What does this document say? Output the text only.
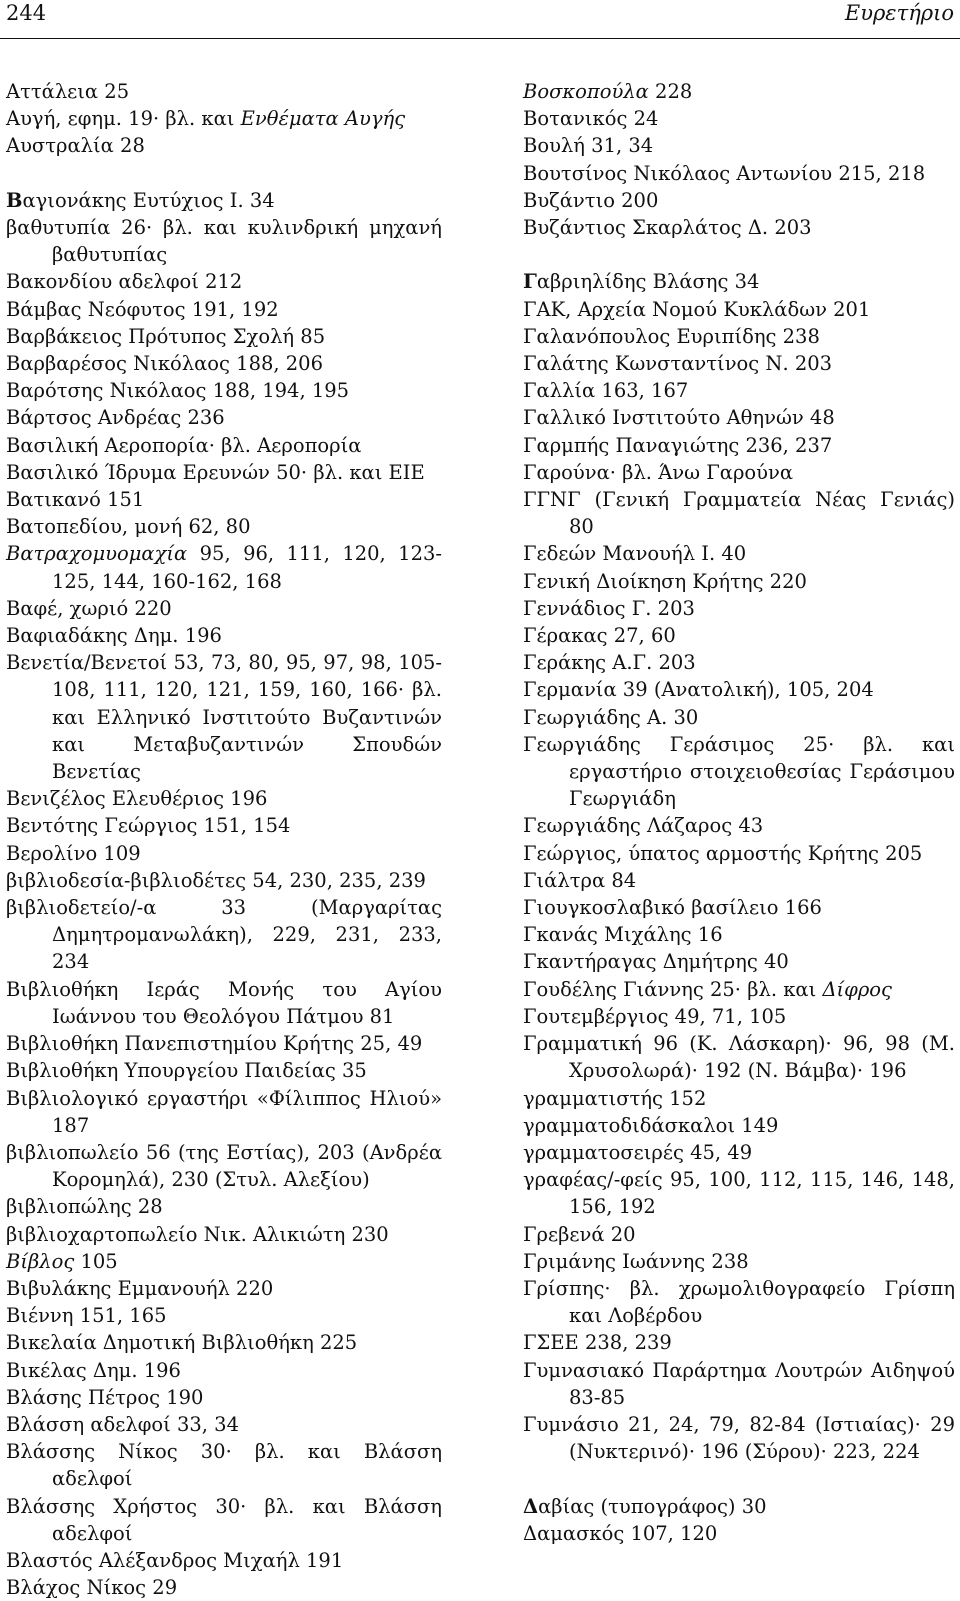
244	Ευρετήριο
Αττάλεια 25
Αυγή, εφημ. 19· βλ. και Ενθέματα Αυγής
Αυστραλία 28
Βαγιονάκης Ευτύχιος Ι. 34
βαθυτυπία 26· βλ. και κυλινδρική μηχανή βαθυτυπίας
Βακονδίου αδελφοί 212
Βάμβας Νεόφυτος 191, 192
Βαρβάκειος Πρότυπος Σχολή 85
Βαρβαρέσος Νικόλαος 188, 206
Βαρότσης Νικόλαος 188, 194, 195
Βάρτσος Ανδρέας 236
Βασιλική Αεροπορία· βλ. Αεροπορία
Βασιλικό Ίδρυμα Ερευνών 50· βλ. και ΕΙΕ
Βατικανό 151
Βατοπεδίου, μονή 62, 80
Βατραχομυομαχία 95, 96, 111, 120, 123-125, 144, 160-162, 168
Βαφέ, χωριό 220
Βαφιαδάκης Δημ. 196
Βενετία/Βενετοί 53, 73, 80, 95, 97, 98, 105-108, 111, 120, 121, 159, 160, 166· βλ. και Ελληνικό Ινστιτούτο Βυζαντινών και Μεταβυζαντινών Σπουδών Βενετίας
Βενιζέλος Ελευθέριος 196
Βεντότης Γεώργιος 151, 154
Βερολίνο 109
βιβλιοδεσία-βιβλιοδέτες 54, 230, 235, 239
βιβλιοδετείο/-α 33 (Μαργαρίτας Δημητρομανωλάκη), 229, 231, 233, 234
Βιβλιοθήκη Ιεράς Μονής του Αγίου Ιωάννου του Θεολόγου Πάτμου 81
Βιβλιοθήκη Πανεπιστημίου Κρήτης 25, 49
Βιβλιοθήκη Υπουργείου Παιδείας 35
Βιβλιολογικό εργαστήρι «Φίλιππος Ηλιού» 187
βιβλιοπωλείο 56 (της Εστίας), 203 (Ανδρέα Κορομηλά), 230 (Στυλ. Αλεξίου)
βιβλιοπώλης 28
βιβλιοχαρτοπωλείο Νικ. Αλικιώτη 230
Βίβλος 105
Βιβυλάκης Εμμανουήλ 220
Βιέννη 151, 165
Βικελαία Δημοτική Βιβλιοθήκη 225
Βικέλας Δημ. 196
Βλάσης Πέτρος 190
Βλάσση αδελφοί 33, 34
Βλάσσης Νίκος 30· βλ. και Βλάσση αδελφοί
Βλάσσης Χρήστος 30· βλ. και Βλάσση αδελφοί
Βλαστός Αλέξανδρος Μιχαήλ 191
Βλάχος Νίκος 29
Βοσκοπούλα 228
Βοτανικός 24
Βουλή 31, 34
Βουτσίνος Νικόλαος Αντωνίου 215, 218
Βυζάντιο 200
Βυζάντιος Σκαρλάτος Δ. 203
Γαβριηλίδης Βλάσης 34
ΓΑΚ, Αρχεία Νομού Κυκλάδων 201
Γαλανόπουλος Ευριπίδης 238
Γαλάτης Κωνσταντίνος Ν. 203
Γαλλία 163, 167
Γαλλικό Ινστιτούτο Αθηνών 48
Γαρμπής Παναγιώτης 236, 237
Γαρούνα· βλ. Άνω Γαρούνα
ΓΓΝΓ (Γενική Γραμματεία Νέας Γενιάς) 80
Γεδεών Μανουήλ Ι. 40
Γενική Διοίκηση Κρήτης 220
Γεννάδιος Γ. 203
Γέρακας 27, 60
Γεράκης Α.Γ. 203
Γερμανία 39 (Ανατολική), 105, 204
Γεωργιάδης Α. 30
Γεωργιάδης Γεράσιμος 25· βλ. και εργαστήριο στοιχειοθεσίας Γεράσιμου Γεωργιάδη
Γεωργιάδης Λάζαρος 43
Γεώργιος, ύπατος αρμοστής Κρήτης 205
Γιάλτρα 84
Γιουγκοσλαβικό βασίλειο 166
Γκανάς Μιχάλης 16
Γκαντήραγας Δημήτρης 40
Γουδέλης Γιάννης 25· βλ. και Δίφρος
Γουτεμβέργιος 49, 71, 105
Γραμματική 96 (Κ. Λάσκαρη)· 96, 98 (Μ. Χρυσολωρά)· 192 (Ν. Βάμβα)· 196
γραμματιστής 152
γραμματοδιδάσκαλοι 149
γραμματοσειρές 45, 49
γραφέας/-φείς 95, 100, 112, 115, 146, 148, 156, 192
Γρεβενά 20
Γριμάνης Ιωάννης 238
Γρίσπης· βλ. χρωμολιθογραφείο Γρίσπη και Λοβέρδου
ΓΣΕΕ 238, 239
Γυμνασιακό Παράρτημα Λουτρών Αιδηψού 83-85
Γυμνάσιο 21, 24, 79, 82-84 (Ιστιαίας)· 29 (Νυκτερινό)· 196 (Σύρου)· 223, 224
Δαβίας (τυπογράφος) 30
Δαμασκός 107, 120
